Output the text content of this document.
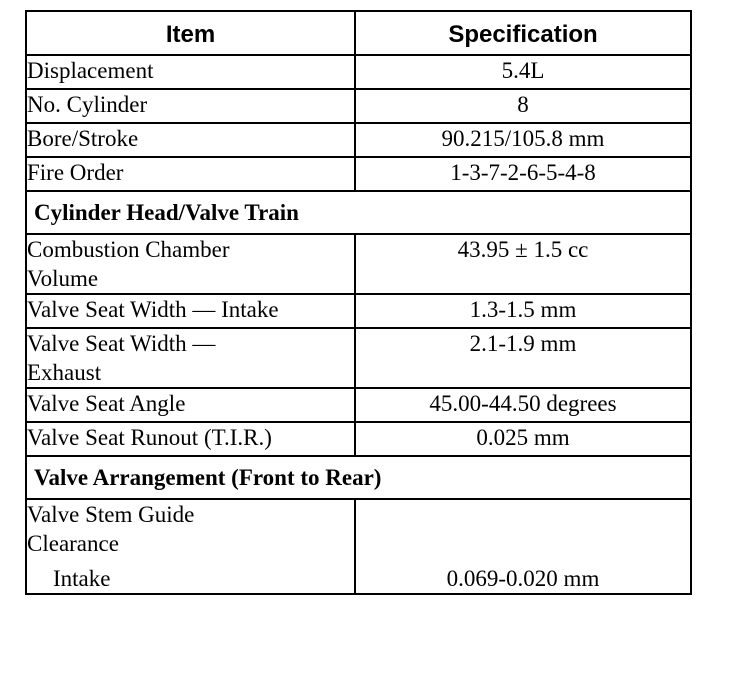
Item	Specification
Displacement	5.4L
No. Cylinder	8
Bore/Stroke	90.215/105.8 mm
Fire Order	1-3-7-2-6-5-4-8
Cylinder Head/Valve Train	

Combustion Chamber
Volume	43.95 ± 1.5 cc
Valve Seat Width — Intake	1.3-1.5 mm

Valve Seat Width —
Exhaust	2.1-1.9 mm
Valve Seat Angle	45.00-44.50 degrees
Valve Seat Runout (T.I.R.)	0.025 mm
Valve Arrangement (Front to Rear)	

Valve Stem Guide
Clearance
Intake	0.069-0.020 mm
